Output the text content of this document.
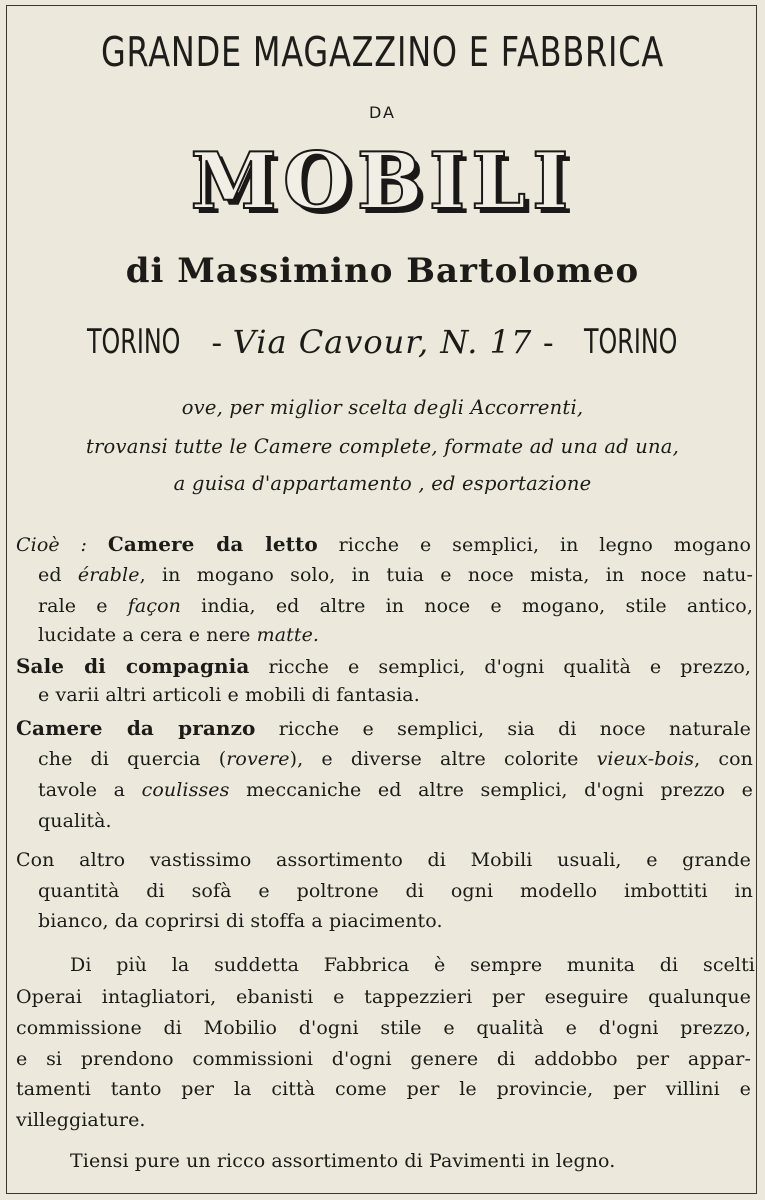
GRANDE MAGAZZINO E FABBRICA
DA
MOBILI
di Massimino Bartolomeo
TORINO - Via Cavour, N. 17 - TORINO
ove, per miglior scelta degli Accorrenti,
trovansi tutte le Camere complete, formate ad una ad una,
a guisa d'appartamento , ed esportazione
Cioè : Camere da letto ricche e semplici, in legno mogano
ed érable, in mogano solo, in tuia e noce mista, in noce natu-
rale e façon india, ed altre in noce e mogano, stile antico,
lucidate a cera e nere matte.
Sale di compagnia ricche e semplici, d'ogni qualità e prezzo,
e varii altri articoli e mobili di fantasia.
Camere da pranzo ricche e semplici, sia di noce naturale
che di quercia (rovere), e diverse altre colorite vieux-bois, con
tavole a coulisses meccaniche ed altre semplici, d'ogni prezzo e
qualità.
Con altro vastissimo assortimento di Mobili usuali, e grande
quantità di sofà e poltrone di ogni modello imbottiti in
bianco, da coprirsi di stoffa a piacimento.
Di più la suddetta Fabbrica è sempre munita di scelti
Operai intagliatori, ebanisti e tappezzieri per eseguire qualunque
commissione di Mobilio d'ogni stile e qualità e d'ogni prezzo,
e si prendono commissioni d'ogni genere di addobbo per appar-
tamenti tanto per la città come per le provincie, per villini e
villeggiature.
Tiensi pure un ricco assortimento di Pavimenti in legno.
